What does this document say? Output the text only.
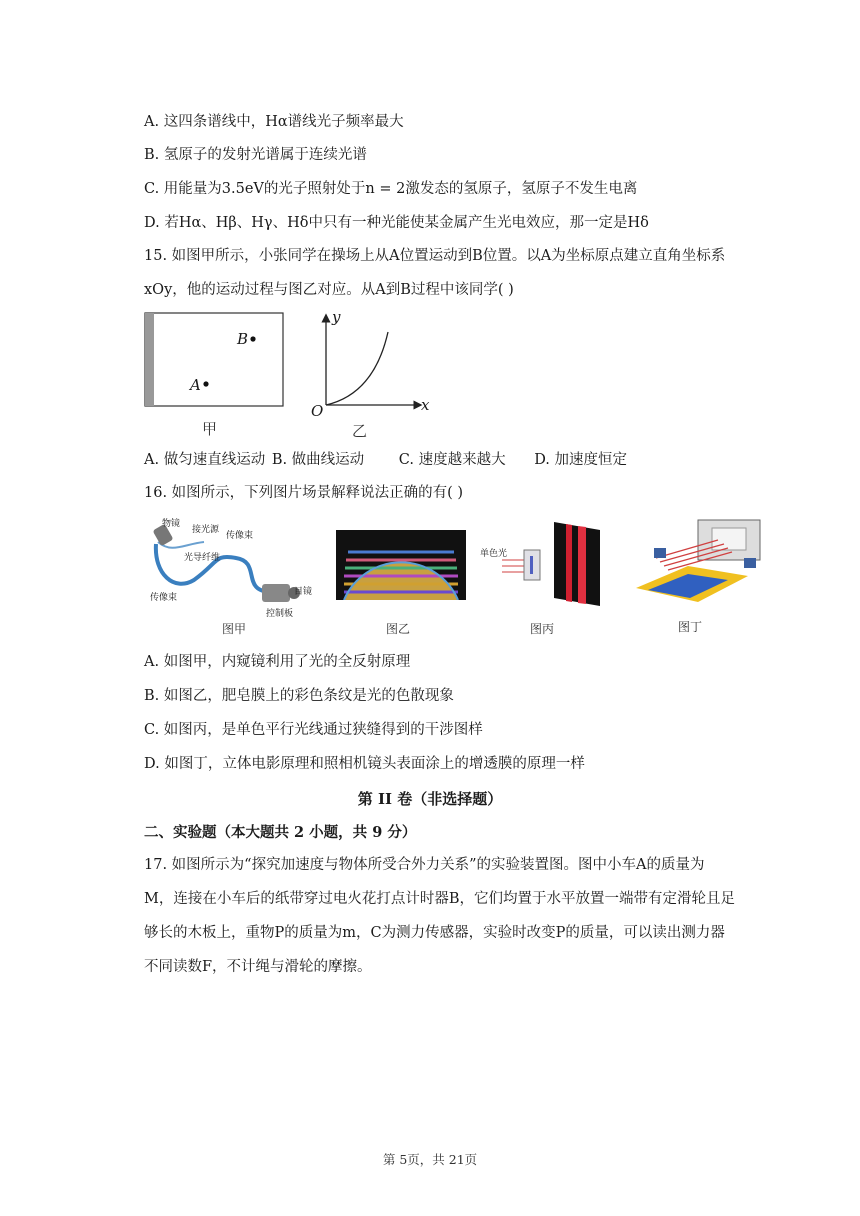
A. 这四条谱线中，Hα谱线光子频率最大
B. 氢原子的发射光谱属于连续光谱
C. 用能量为3.5eV的光子照射处于n = 2激发态的氢原子，氢原子不发生电离
D. 若Hα、Hβ、Hγ、Hδ中只有一种光能使某金属产生光电效应，那一定是Hδ
15. 如图甲所示，小张同学在操场上从A位置运动到B位置。以A为坐标原点建立直角坐标系
xOy，他的运动过程与图乙对应。从A到B过程中该同学( )
A
B
甲
y
x
O
乙
A. 做匀速直线运动 B. 做曲线运动 C. 速度越来越大 D. 加速度恒定
16. 如图所示，下列图片场景解释说法正确的有( )
物镜
接光源
传像束
光导纤维
传像束
目镜
控制板
图甲	图乙
单色光
图丙	图丁
A. 如图甲，内窥镜利用了光的全反射原理
B. 如图乙，肥皂膜上的彩色条纹是光的色散现象
C. 如图丙，是单色平行光线通过狭缝得到的干涉图样
D. 如图丁，立体电影原理和照相机镜头表面涂上的增透膜的原理一样
第 II 卷（非选择题）
二、实验题（本大题共 2 小题，共 9 分）
17. 如图所示为“探究加速度与物体所受合外力关系”的实验装置图。图中小车A的质量为
M，连接在小车后的纸带穿过电火花打点计时器B，它们均置于水平放置一端带有定滑轮且足
够长的木板上，重物P的质量为m，C为测力传感器，实验时改变P的质量，可以读出测力器
不同读数F，不计绳与滑轮的摩擦。
第 5页，共 21页
